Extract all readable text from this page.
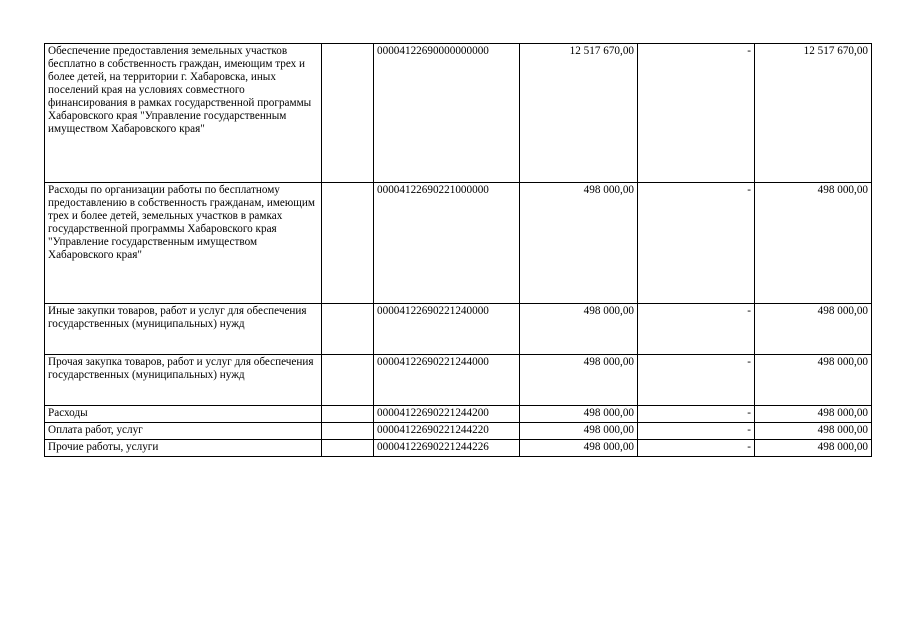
Обеспечение предоставления земельных участков бесплатно в собственность граждан, имеющим трех и более детей, на территории г. Хабаровска, иных поселений края на условиях совместного финансирования в рамках государственной программы Хабаровского края "Управление государственным имуществом Хабаровского края"		00004122690000000000	12 517 670,00	-	12 517 670,00
Расходы по организации работы по бесплатному предоставлению в собственность гражданам, имеющим трех и более детей, земельных участков в рамках государственной программы Хабаровского края "Управление государственным имуществом Хабаровского края"		00004122690221000000	498 000,00	-	498 000,00
Иные закупки товаров, работ и услуг для обеспечения государственных (муниципальных) нужд		00004122690221240000	498 000,00	-	498 000,00
Прочая закупка товаров, работ и услуг для обеспечения государственных (муниципальных) нужд		00004122690221244000	498 000,00	-	498 000,00
Расходы		00004122690221244200	498 000,00	-	498 000,00
Оплата работ, услуг		00004122690221244220	498 000,00	-	498 000,00
Прочие работы, услуги		00004122690221244226	498 000,00	-	498 000,00
